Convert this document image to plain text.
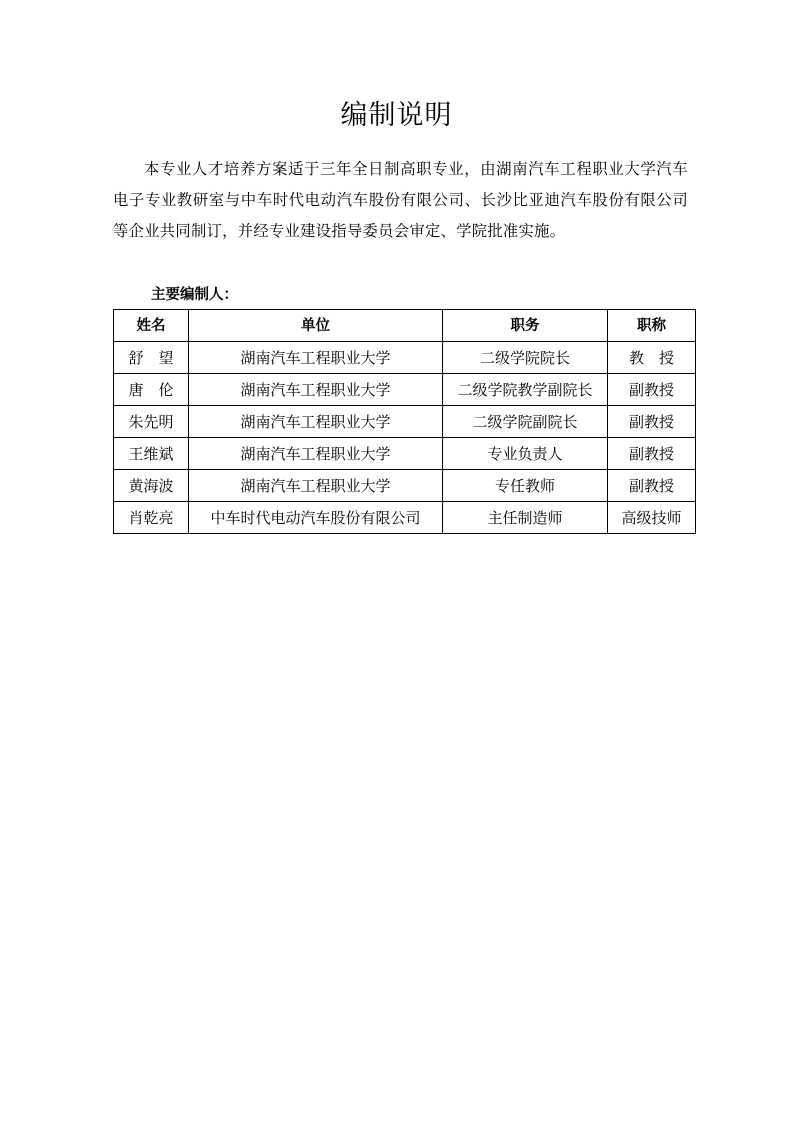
编制说明

本专业人才培养方案适于三年全日制高职专业，由湖南汽车工程职业大学汽车电子专业教研室与中车时代电动汽车股份有限公司、长沙比亚迪汽车股份有限公司等企业共同制订，并经专业建设指导委员会审定、学院批准实施。

主要编制人：
姓名	单位	职务	职称
舒　望	湖南汽车工程职业大学	二级学院院长	教　授
唐　伦	湖南汽车工程职业大学	二级学院教学副院长	副教授
朱先明	湖南汽车工程职业大学	二级学院副院长	副教授
王维斌	湖南汽车工程职业大学	专业负责人	副教授
黄海波	湖南汽车工程职业大学	专任教师	副教授
肖乾亮	中车时代电动汽车股份有限公司	主任制造师	高级技师
